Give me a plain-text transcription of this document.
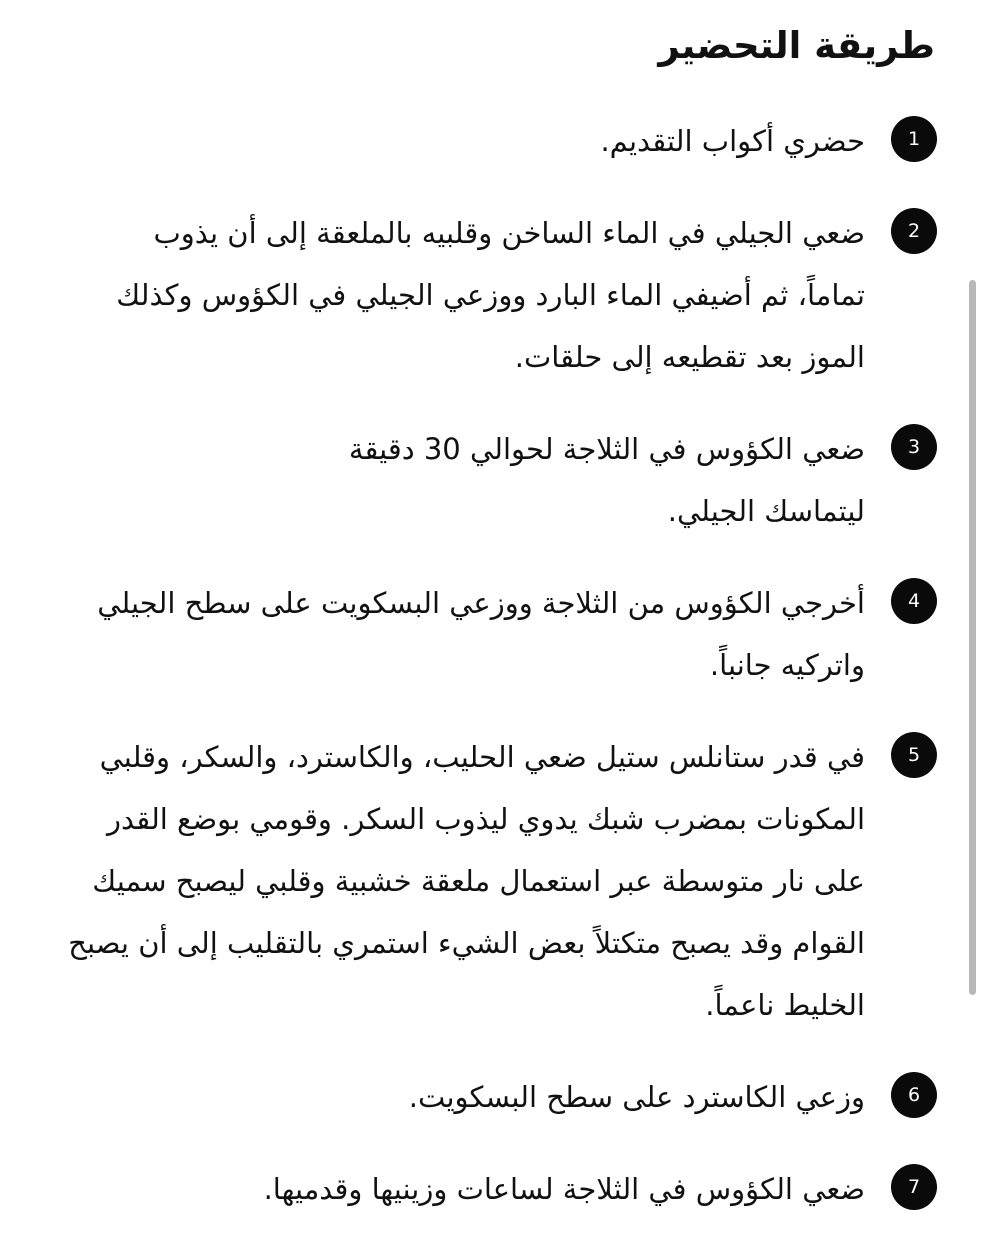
طريقة التحضير
1
حضري أكواب التقديم.
2
ضعي الجيلي في الماء الساخن وقلبيه بالملعقة إلى أن يذوب تماماً، ثم أضيفي الماء البارد ووزعي الجيلي في الكؤوس وكذلك الموز بعد تقطيعه إلى حلقات.
3
ضعي الكؤوس في الثلاجة لحوالي 30 دقيقة ليتماسك الجيلي.
4
أخرجي الكؤوس من الثلاجة ووزعي البسكويت على سطح الجيلي واتركيه جانباً.
5
في قدر ستانلس ستيل ضعي الحليب، والكاسترد، والسكر، وقلبي المكونات بمضرب شبك يدوي ليذوب السكر. وقومي بوضع القدر على نار متوسطة عبر استعمال ملعقة خشبية وقلبي ليصبح سميك القوام وقد يصبح متكتلاً بعض الشيء استمري بالتقليب إلى أن يصبح الخليط ناعماً.
6
وزعي الكاسترد على سطح البسكويت.
7
ضعي الكؤوس في الثلاجة لساعات وزينيها وقدميها.
